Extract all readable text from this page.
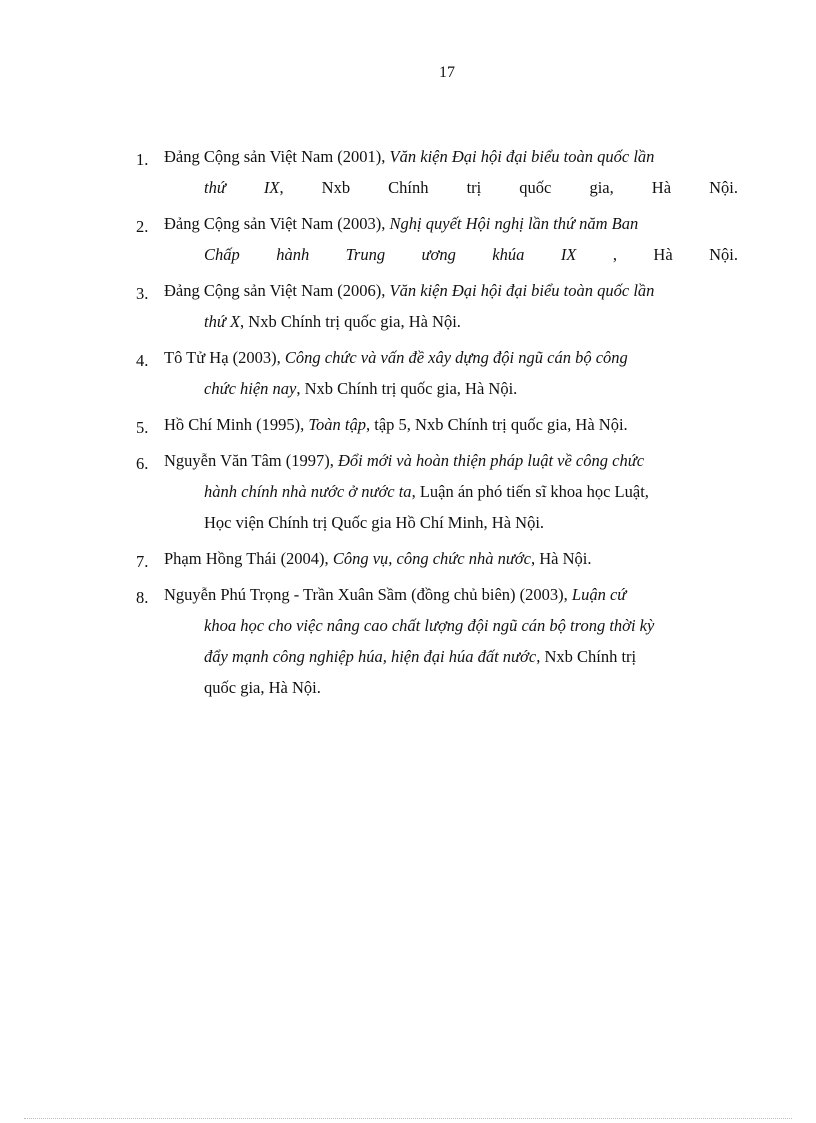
17
1. Đảng Cộng sản Việt Nam (2001), Văn kiện Đại hội đại biểu toàn quốc lần
thứ IX, Nxb Chính trị quốc gia, Hà Nội.
2. Đảng Cộng sản Việt Nam (2003), Nghị quyết Hội nghị lần thứ năm Ban
Chấp hành Trung ương khúa IX , Hà Nội.
3. Đảng Cộng sản Việt Nam (2006), Văn kiện Đại hội đại biểu toàn quốc lần
thứ X, Nxb Chính trị quốc gia, Hà Nội.
4. Tô Tử Hạ (2003), Công chức và vấn đề xây dựng đội ngũ cán bộ công
chức hiện nay, Nxb Chính trị quốc gia, Hà Nội.
5. Hồ Chí Minh (1995), Toàn tập, tập 5, Nxb Chính trị quốc gia, Hà Nội.
6. Nguyễn Văn Tâm (1997), Đổi mới và hoàn thiện pháp luật về công chức
hành chính nhà nước ở nước ta, Luận án phó tiến sĩ khoa học Luật,
Học viện Chính trị Quốc gia Hồ Chí Minh, Hà Nội.
7. Phạm Hồng Thái (2004), Công vụ, công chức nhà nước, Hà Nội.
8. Nguyễn Phú Trọng - Trần Xuân Sầm (đồng chủ biên) (2003), Luận cứ
khoa học cho việc nâng cao chất lượng đội ngũ cán bộ trong thời kỳ
đẩy mạnh công nghiệp húa, hiện đại húa đất nước, Nxb Chính trị
quốc gia, Hà Nội.
